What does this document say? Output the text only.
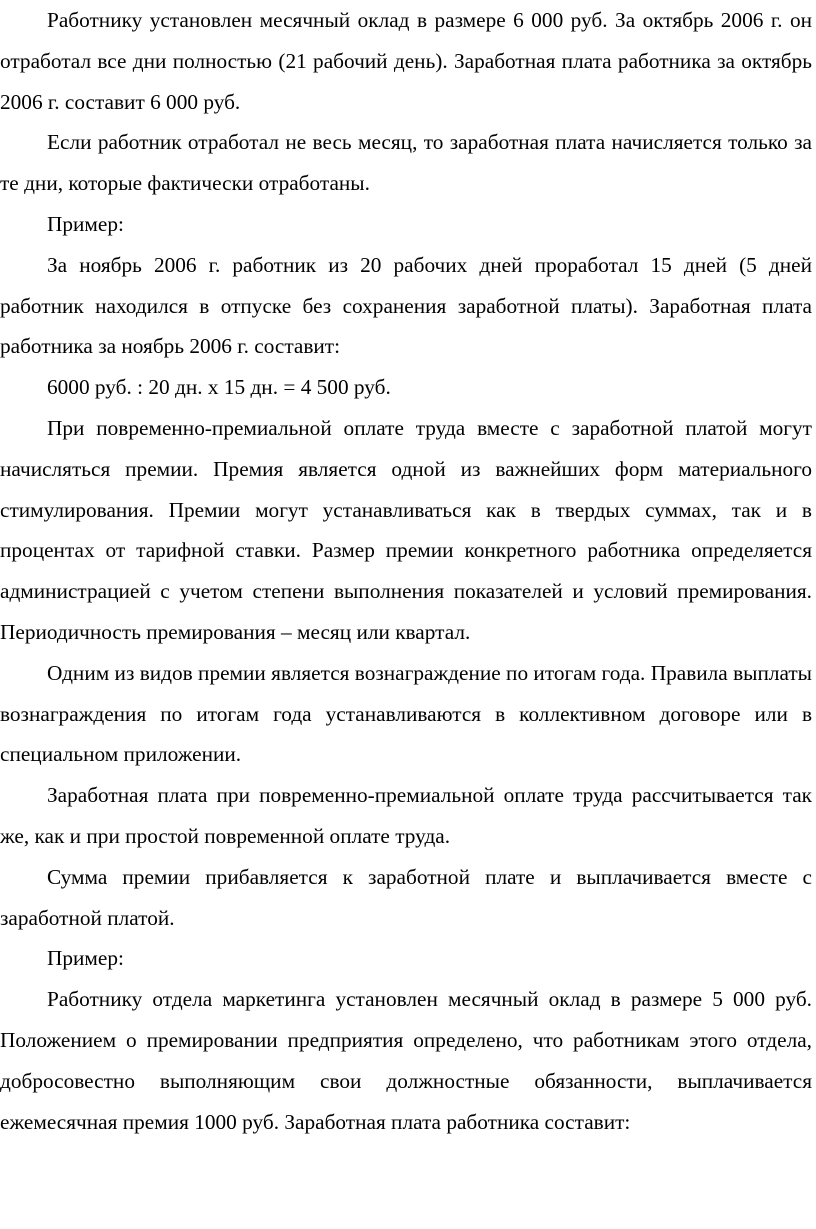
Работнику установлен месячный оклад в размере 6 000 руб. За октябрь 2006 г. он отработал все дни полностью (21 рабочий день). Заработная плата работника за октябрь 2006 г. составит 6 000 руб.

Если работник отработал не весь месяц, то заработная плата начисляется только за те дни, которые фактически отработаны.

Пример:

За ноябрь 2006 г. работник из 20 рабочих дней проработал 15 дней (5 дней работник находился в отпуске без сохранения заработной платы). Заработная плата работника за ноябрь 2006 г. составит:

6000 руб. : 20 дн. х 15 дн. = 4 500 руб.

При повременно-премиальной оплате труда вместе с заработной платой могут начисляться премии. Премия является одной из важнейших форм материального стимулирования. Премии могут устанавливаться как в твердых суммах, так и в процентах от тарифной ставки. Размер премии конкретного работника определяется администрацией с учетом степени выполнения показателей и условий премирования. Периодичность премирования – месяц или квартал.

Одним из видов премии является вознаграждение по итогам года. Правила выплаты вознаграждения по итогам года устанавливаются в коллективном договоре или в специальном приложении.

Заработная плата при повременно-премиальной оплате труда рассчитывается так же, как и при простой повременной оплате труда.

Сумма премии прибавляется к заработной плате и выплачивается вместе с заработной платой.

Пример:

Работнику отдела маркетинга установлен месячный оклад в размере 5 000 руб. Положением о премировании предприятия определено, что работникам этого отдела, добросовестно выполняющим свои должностные обязанности, выплачивается ежемесячная премия 1000 руб. Заработная плата работника составит:
